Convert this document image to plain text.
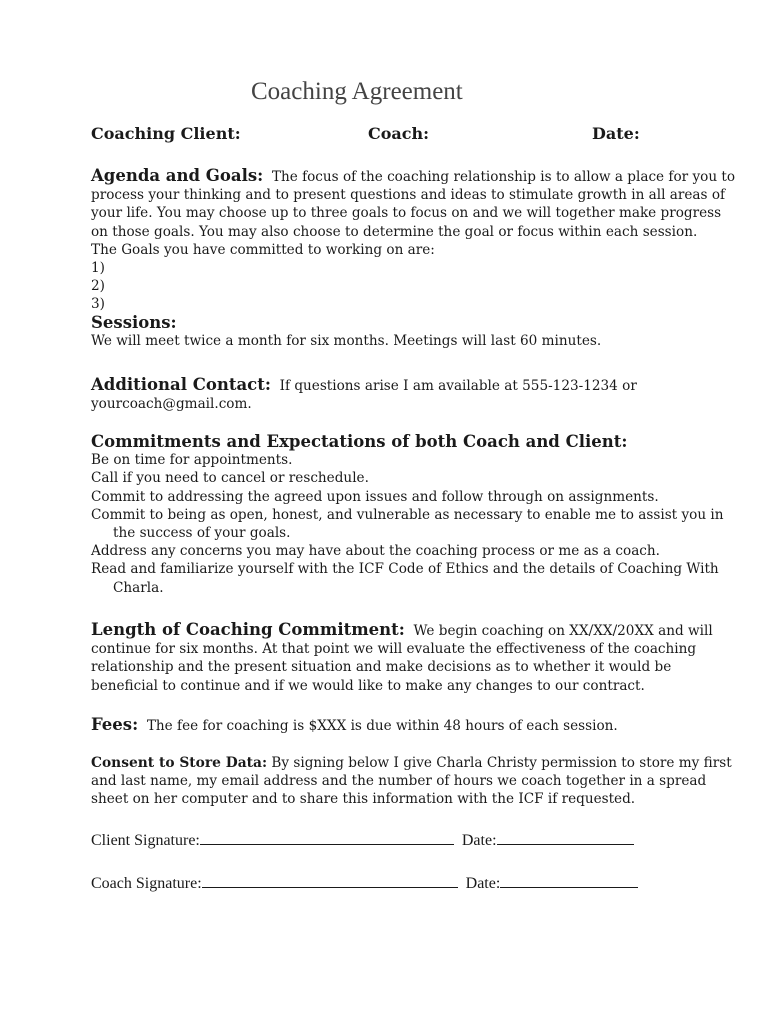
Coaching Agreement
Coaching Client:	Coach:	Date:
Agenda and Goals: The focus of the coaching relationship is to allow a place for you to
process your thinking and to present questions and ideas to stimulate growth in all areas of
your life. You may choose up to three goals to focus on and we will together make progress
on those goals. You may also choose to determine the goal or focus within each session.
The Goals you have committed to working on are:
1)
2)
3)
Sessions:
We will meet twice a month for six months. Meetings will last 60 minutes.
Additional Contact: If questions arise I am available at 555-123-1234 or
yourcoach@gmail.com.
Commitments and Expectations of both Coach and Client:
Be on time for appointments.
Call if you need to cancel or reschedule.
Commit to addressing the agreed upon issues and follow through on assignments.
Commit to being as open, honest, and vulnerable as necessary to enable me to assist you in
the success of your goals.
Address any concerns you may have about the coaching process or me as a coach.
Read and familiarize yourself with the ICF Code of Ethics and the details of Coaching With
Charla.
Length of Coaching Commitment: We begin coaching on XX/XX/20XX and will
continue for six months. At that point we will evaluate the effectiveness of the coaching
relationship and the present situation and make decisions as to whether it would be
beneficial to continue and if we would like to make any changes to our contract.
Fees: The fee for coaching is $XXX is due within 48 hours of each session.
Consent to Store Data: By signing below I give Charla Christy permission to store my first
and last name, my email address and the number of hours we coach together in a spread
sheet on her computer and to share this information with the ICF if requested.
Client Signature:	Date:
Coach Signature:	Date:
